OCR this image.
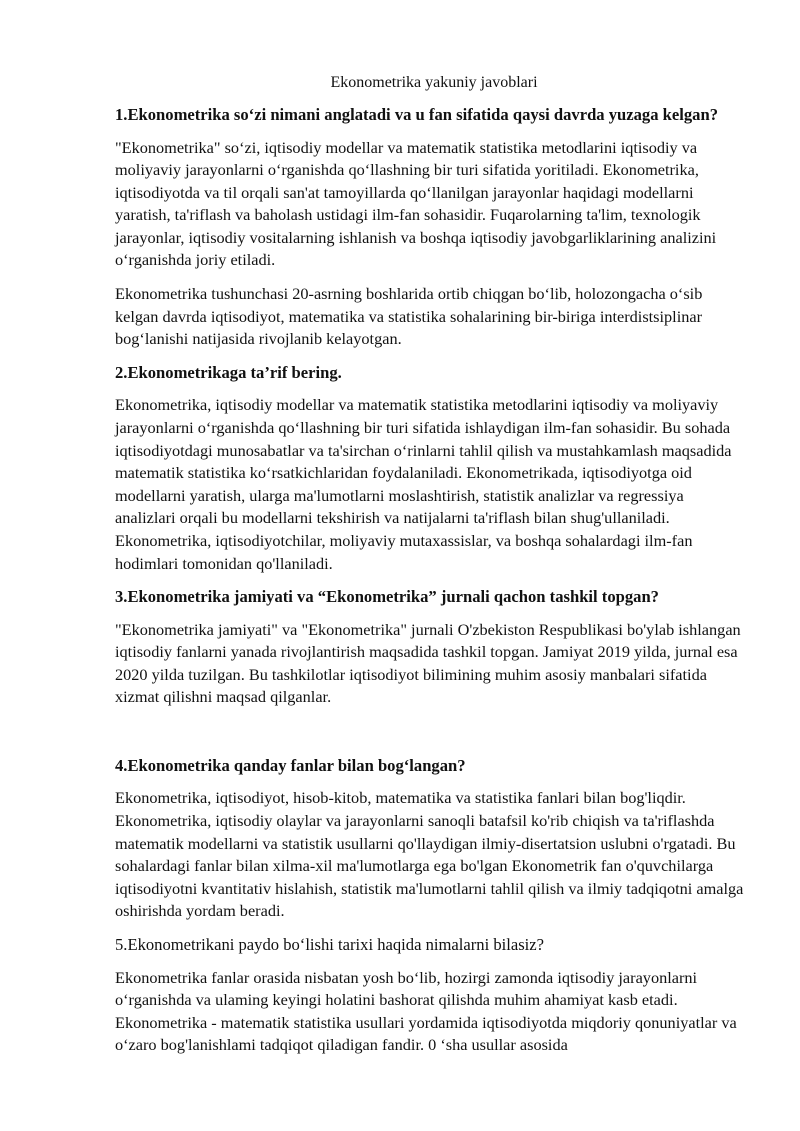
Ekonometrika yakuniy javoblari
1.Ekonometrika so‘zi nimani anglatadi va u fan sifatida qaysi davrda yuzaga kelgan?
"Ekonometrika" so‘zi, iqtisodiy modellar va matematik statistika metodlarini iqtisodiy va moliyaviy jarayonlarni o‘rganishda qo‘llashning bir turi sifatida yoritiladi. Ekonometrika, iqtisodiyotda va til orqali san'at tamoyillarda qo‘llanilgan jarayonlar haqidagi modellarni yaratish, ta'riflash va baholash ustidagi ilm-fan sohasidir. Fuqarolarning ta'lim, texnologik jarayonlar, iqtisodiy vositalarning ishlanish va boshqa iqtisodiy javobgarliklarining analizini o‘rganishda joriy etiladi.
Ekonometrika tushunchasi 20-asrning boshlarida ortib chiqgan bo‘lib, holozongacha o‘sib kelgan davrda iqtisodiyot, matematika va statistika sohalarining bir-biriga interdistsiplinar bog‘lanishi natijasida rivojlanib kelayotgan.
2.Ekonometrikaga ta’rif bering.
Ekonometrika, iqtisodiy modellar va matematik statistika metodlarini iqtisodiy va moliyaviy jarayonlarni o‘rganishda qo‘llashning bir turi sifatida ishlaydigan ilm-fan sohasidir. Bu sohada iqtisodiyotdagi munosabatlar va ta'sirchan o‘rinlarni tahlil qilish va mustahkamlash maqsadida matematik statistika ko‘rsatkichlaridan foydalaniladi. Ekonometrikada, iqtisodiyotga oid modellarni yaratish, ularga ma'lumotlarni moslashtirish, statistik analizlar va regressiya analizlari orqali bu modellarni tekshirish va natijalarni ta'riflash bilan shug'ullaniladi. Ekonometrika, iqtisodiyotchilar, moliyaviy mutaxassislar, va boshqa sohalardagi ilm-fan hodimlari tomonidan qo'llaniladi.
3.Ekonometrika jamiyati va “Ekonometrika” jurnali qachon tashkil topgan?
"Ekonometrika jamiyati" va "Ekonometrika" jurnali O'zbekiston Respublikasi bo'ylab ishlangan iqtisodiy fanlarni yanada rivojlantirish maqsadida tashkil topgan. Jamiyat 2019 yilda, jurnal esa 2020 yilda tuzilgan. Bu tashkilotlar iqtisodiyot bilimining muhim asosiy manbalari sifatida xizmat qilishni maqsad qilganlar.
4.Ekonometrika qanday fanlar bilan bog‘langan?
Ekonometrika, iqtisodiyot, hisob-kitob, matematika va statistika fanlari bilan bog'liqdir. Ekonometrika, iqtisodiy olaylar va jarayonlarni sanoqli batafsil ko'rib chiqish va ta'riflashda matematik modellarni va statistik usullarni qo'llaydigan ilmiy-disertatsion uslubni o'rgatadi. Bu sohalardagi fanlar bilan xilma-xil ma'lumotlarga ega bo'lgan Ekonometrik fan o'quvchilarga iqtisodiyotni kvantitativ hislahish, statistik ma'lumotlarni tahlil qilish va ilmiy tadqiqotni amalga oshirishda yordam beradi.
5.Ekonometrikani paydo bo‘lishi tarixi haqida nimalarni bilasiz?
Ekonometrika fanlar orasida nisbatan yosh bo‘lib, hozirgi zamonda iqtisodiy jarayonlarni o‘rganishda va ulaming keyingi holatini bashorat qilishda muhim ahamiyat kasb etadi. Ekonometrika - matematik statistika usullari yordamida iqtisodiyotda miqdoriy qonuniyatlar va o‘zaro bog'lanishlami tadqiqot qiladigan fandir. 0 ‘sha usullar asosida
